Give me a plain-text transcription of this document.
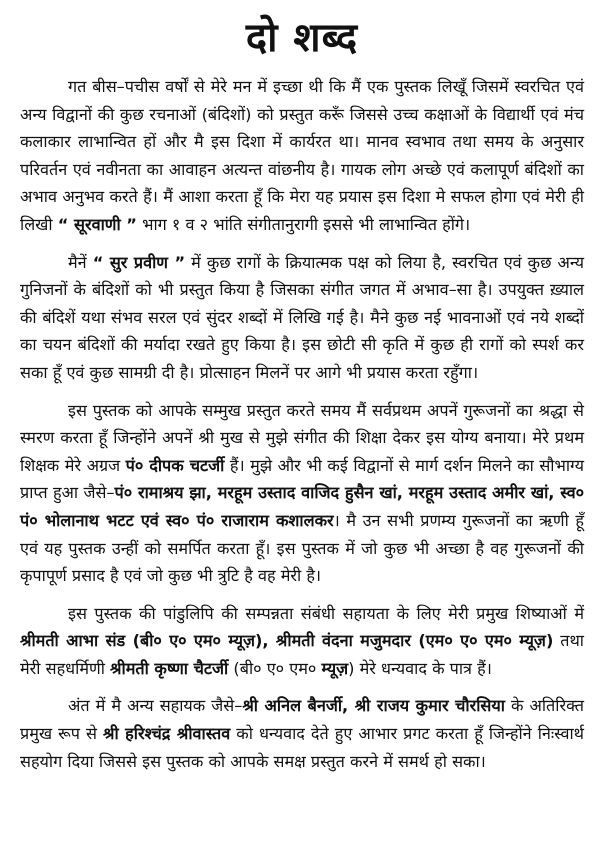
दो शब्द

गत बीस–पचीस वर्षों से मेरे मन में इच्छा थी कि मैं एक पुस्तक लिखूँ जिसमें स्वरचित एवं अन्य विद्वानों की कुछ रचनाओं (बंदिशों) को प्रस्तुत करूँ जिससे उच्च कक्षाओं के विद्यार्थी एवं मंच कलाकार लाभान्वित हों और मै इस दिशा में कार्यरत था। मानव स्वभाव तथा समय के अनुसार परिवर्तन एवं नवीनता का आवाहन अत्यन्त वांछनीय है। गायक लोग अच्छे एवं कलापूर्ण बंदिशों का अभाव अनुभव करते हैं। मैं आशा करता हूँ कि मेरा यह प्रयास इस दिशा मे सफल होगा एवं मेरी ही लिखी “ सूरवाणी ” भाग १ व २ भांति संगीतानुरागी इससे भी लाभान्वित होंगे।

मैनें “ सुर प्रवीण ” में कुछ रागों के क्रियात्मक पक्ष को लिया है, स्वरचित एवं कुछ अन्य गुनिजनों के बंदिशों को भी प्रस्तुत किया है जिसका संगीत जगत में अभाव–सा है। उपयुक्त ख़्याल की बंदिशें यथा संभव सरल एवं सुंदर शब्दों में लिखि गई है। मैने कुछ नई भावनाओं एवं नये शब्दों का चयन बंदिशों की मर्यादा रखते हुए किया है। इस छोटी सी कृति में कुछ ही रागों को स्पर्श कर सका हूँ एवं कुछ सामग्री दी है। प्रोत्साहन मिलनें पर आगे भी प्रयास करता रहुँगा।

इस पुस्तक को आपके सम्मुख प्रस्तुत करते समय मैं सर्वप्रथम अपनें गुरूजनों का श्रद्धा से स्मरण करता हूँ जिन्होंने अपनें श्री मुख से मुझे संगीत की शिक्षा देकर इस योग्य बनाया। मेरे प्रथम शिक्षक मेरे अग्रज पं० दीपक चटर्जी हैं। मुझे और भी कई विद्वानों से मार्ग दर्शन मिलने का सौभाग्य प्राप्त हुआ जैसे–पं० रामाश्रय झा, मरहूम उस्ताद वाजिद हुसैन खां, मरहूम उस्ताद अमीर खां, स्व० पं० भोलानाथ भटट एवं स्व० पं० राजाराम कशालकर। मै उन सभी प्रणम्य गुरूजनों का ऋणी हूँ एवं यह पुस्तक उन्हीं को समर्पित करता हूँ। इस पुस्तक में जो कुछ भी अच्छा है वह गुरूजनों की कृपापूर्ण प्रसाद है एवं जो कुछ भी त्रुटि है वह मेरी है।

इस पुस्तक की पांडुलिपि की सम्पन्नता संबंधी सहायता के लिए मेरी प्रमुख शिष्याओं में श्रीमती आभा संड (बी० ए० एम० म्यूज़), श्रीमती वंदना मजुमदार (एम० ए० एम० म्यूज़) तथा मेरी सहधर्मिणी श्रीमती कृष्णा चैटर्जी (बी० ए० एम० म्यूज़) मेरे धन्यवाद के पात्र हैं।

अंत में मै अन्य सहायक जैसे–श्री अनिल बैनर्जी, श्री राजय कुमार चौरसिया के अतिरिक्त प्रमुख रूप से श्री हरिश्चंद्र श्रीवास्तव को धन्यवाद देते हुए आभार प्रगट करता हूँ जिन्होंने निःस्वार्थ सहयोग दिया जिससे इस पुस्तक को आपके समक्ष प्रस्तुत करने में समर्थ हो सका।
